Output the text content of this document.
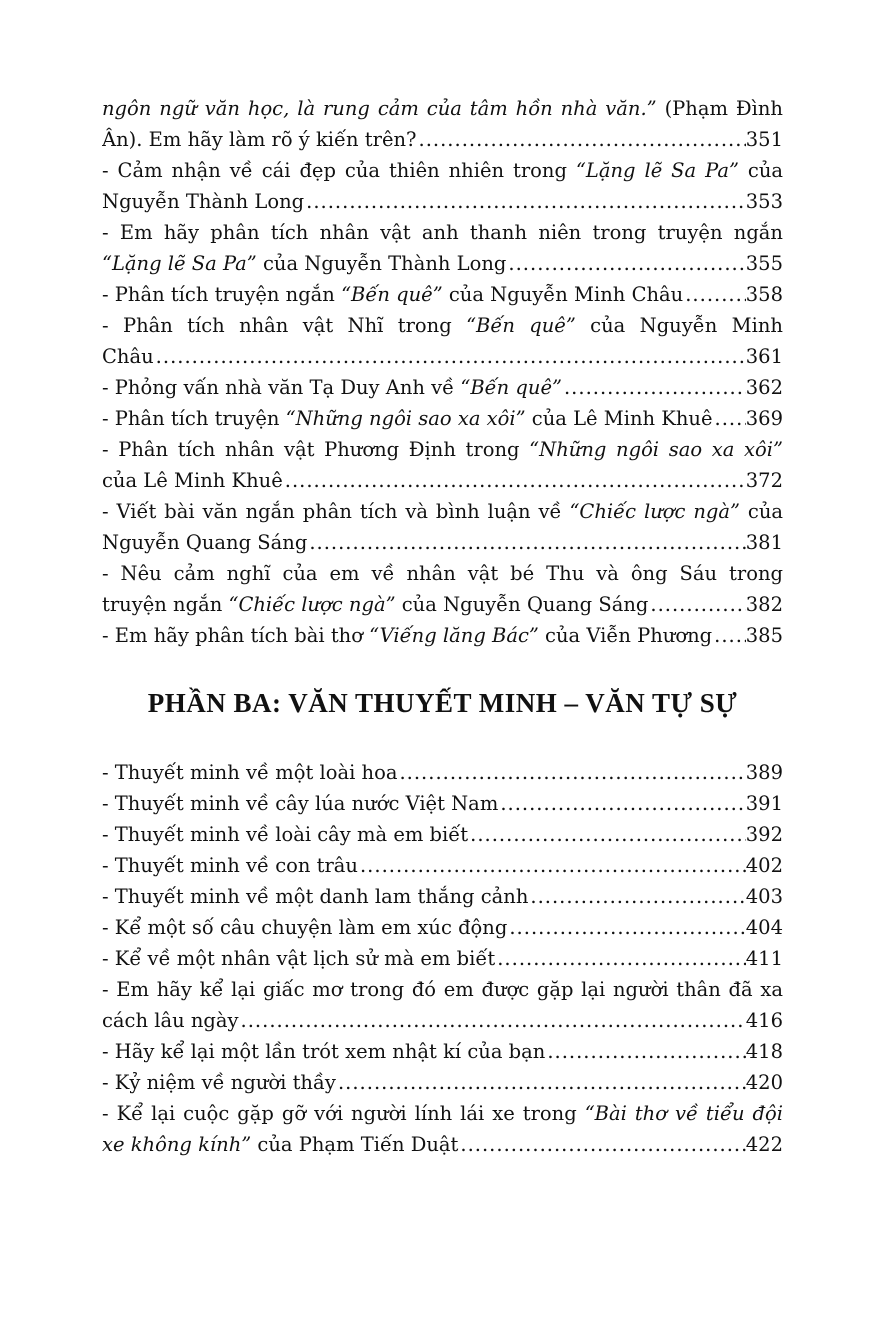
ngôn ngữ văn học, là rung cảm của tâm hồn nhà văn.” (Phạm Đình
Ân). Em hãy làm rõ ý kiến trên? .....	351
- Cảm nhận về cái đẹp của thiên nhiên trong “Lặng lẽ Sa Pa” của
Nguyễn Thành Long .....	353
- Em hãy phân tích nhân vật anh thanh niên trong truyện ngắn
“Lặng lẽ Sa Pa” của Nguyễn Thành Long .....	355
- Phân tích truyện ngắn “Bến quê” của Nguyễn Minh Châu .....	358
- Phân tích nhân vật Nhĩ trong “Bến quê” của Nguyễn Minh
Châu .....	361
- Phỏng vấn nhà văn Tạ Duy Anh về “Bến quê” .....	362
- Phân tích truyện “Những ngôi sao xa xôi” của Lê Minh Khuê ..... 369
- Phân tích nhân vật Phương Định trong “Những ngôi sao xa xôi”
của Lê Minh Khuê .....	372
- Viết bài văn ngắn phân tích và bình luận về “Chiếc lược ngà” của
Nguyễn Quang Sáng .....	381
- Nêu cảm nghĩ của em về nhân vật bé Thu và ông Sáu trong
truyện ngắn “Chiếc lược ngà” của Nguyễn Quang Sáng .....	382
- Em hãy phân tích bài thơ “Viếng lăng Bác” của Viễn Phương ..... 385
PHẦN BA: VĂN THUYẾT MINH – VĂN TỰ SỰ
- Thuyết minh về một loài hoa .....	389
- Thuyết minh về cây lúa nước Việt Nam .....	391
- Thuyết minh về loài cây mà em biết .....	392
- Thuyết minh về con trâu .....	402
- Thuyết minh về một danh lam thắng cảnh .....	403
- Kể một số câu chuyện làm em xúc động .....	404
- Kể về một nhân vật lịch sử mà em biết .....	411
- Em hãy kể lại giấc mơ trong đó em được gặp lại người thân đã xa
cách lâu ngày .....	416
- Hãy kể lại một lần trót xem nhật kí của bạn .....	418
- Kỷ niệm về người thầy .....	420
- Kể lại cuộc gặp gỡ với người lính lái xe trong “Bài thơ về tiểu đội
xe không kính” của Phạm Tiến Duật .....	422
